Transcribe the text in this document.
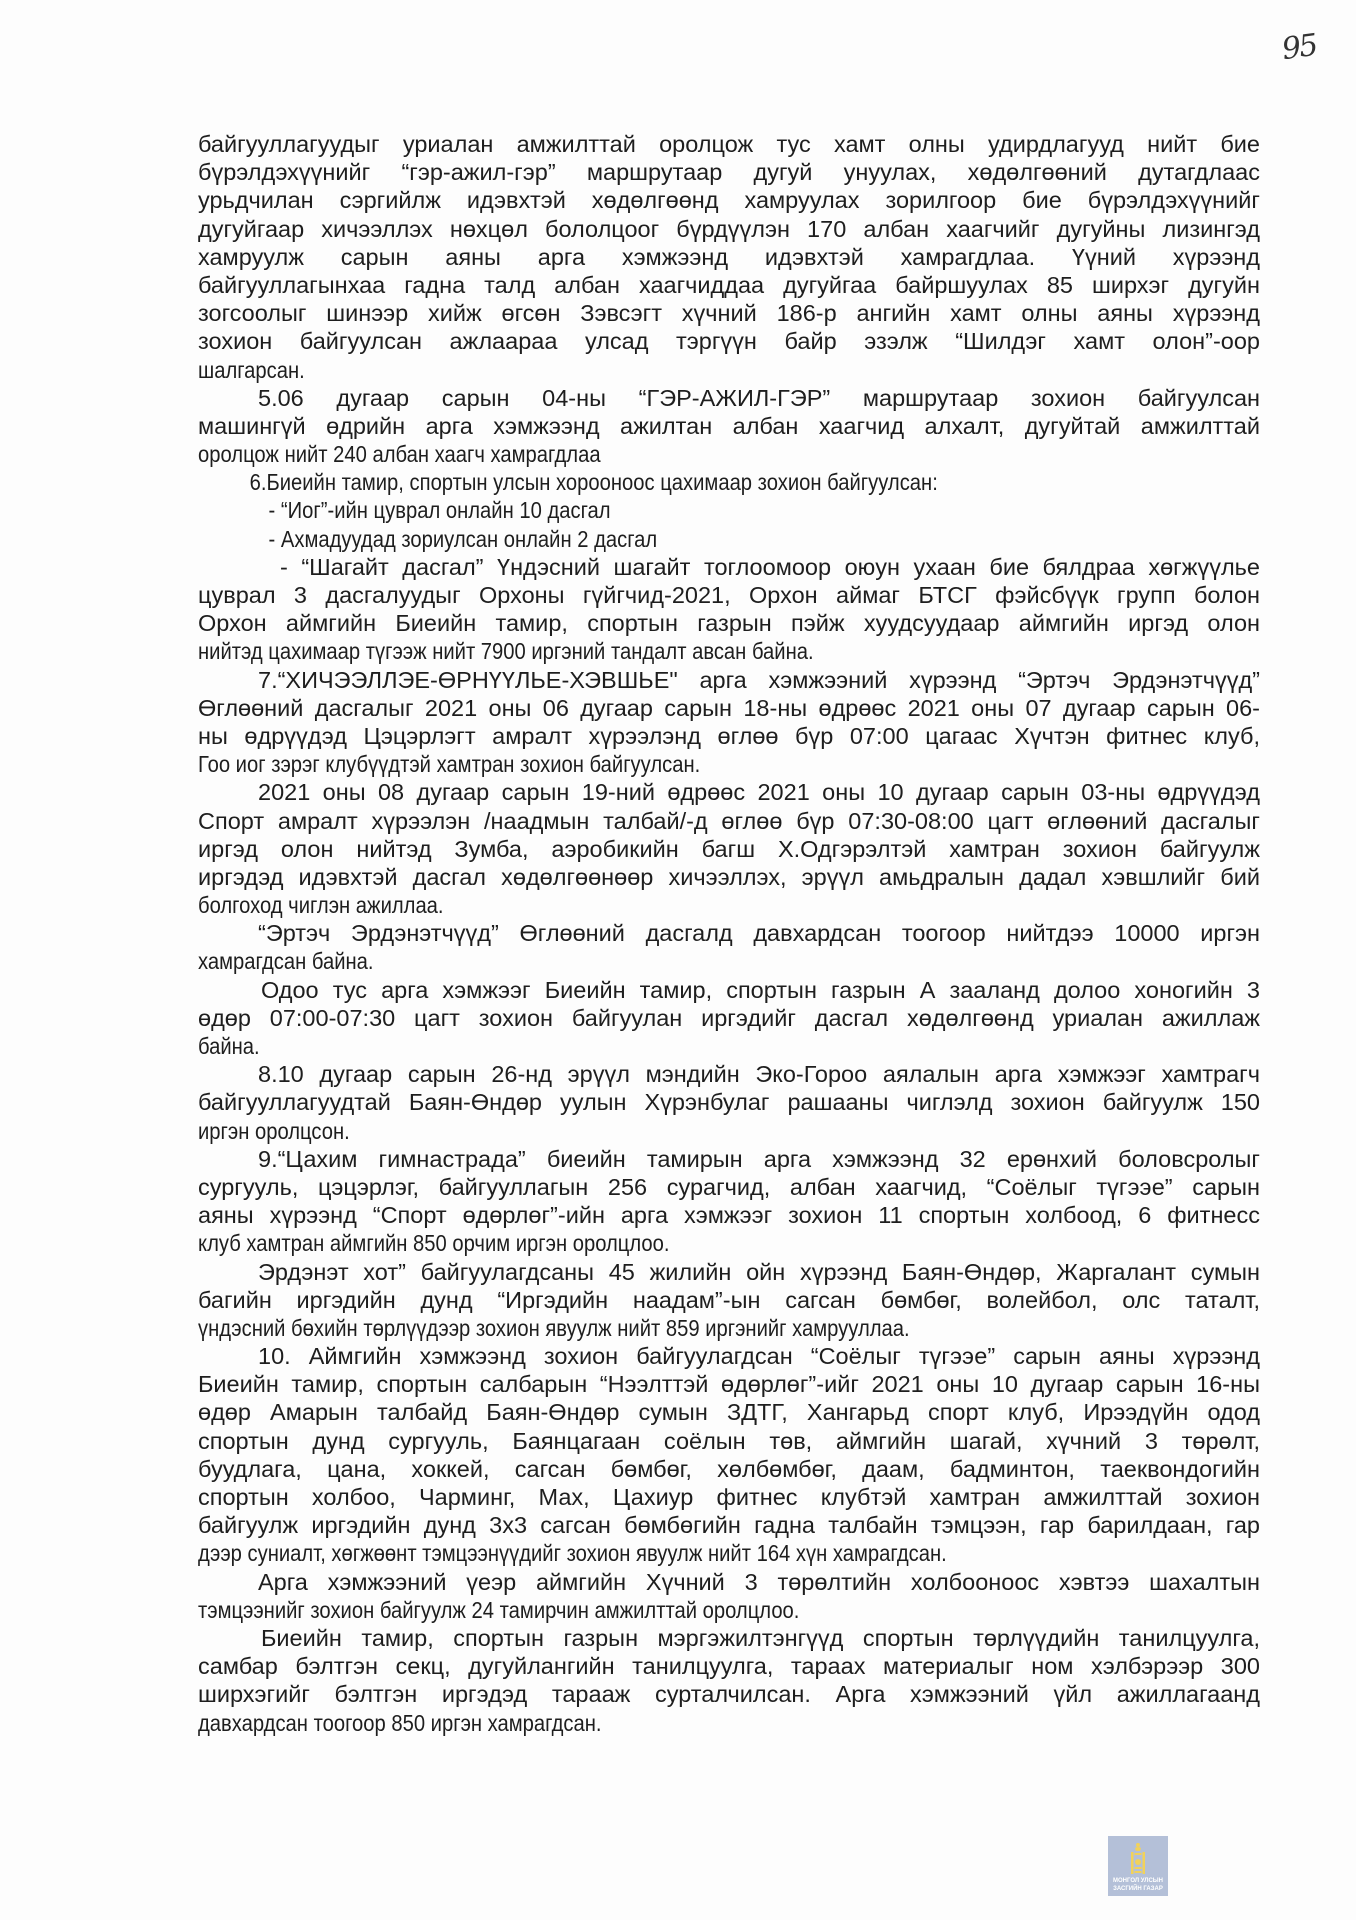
95
байгууллагуудыг уриалан амжилттай оролцож тус хамт олны удирдлагууд нийт бие
бүрэлдэхүүнийг “гэр-ажил-гэр” маршрутаар дугуй унуулах, хөдөлгөөний дутагдлаас
урьдчилан сэргийлж идэвхтэй хөдөлгөөнд хамруулах зорилгоор бие бүрэлдэхүүнийг
дугуйгаар хичээллэх нөхцөл бололцоог бүрдүүлэн 170 албан хаагчийг дугуйны лизингэд
хамруулж сарын аяны арга хэмжээнд идэвхтэй хамрагдлаа. Үүний хүрээнд
байгууллагынхаа гадна талд албан хаагчиддаа дугуйгаа байршуулах 85 ширхэг дугуйн
зогсоолыг шинээр хийж өгсөн Зэвсэгт хүчний 186-р ангийн хамт олны аяны хүрээнд
зохион байгуулсан ажлаараа улсад тэргүүн байр эзэлж “Шилдэг хамт олон”-оор
шалгарсан.
5.06 дугаар сарын 04-ны “ГЭР-АЖИЛ-ГЭР” маршрутаар зохион байгуулсан
машингүй өдрийн арга хэмжээнд ажилтан албан хаагчид алхалт, дугуйтай амжилттай
оролцож нийт 240 албан хаагч хамрагдлаа
6.Биеийн тамир, спортын улсын хорооноос цахимаар зохион байгуулсан:
- “Иог”-ийн цуврал онлайн 10 дасгал
- Ахмадуудад зориулсан онлайн 2 дасгал
- “Шагайт дасгал” Үндэсний шагайт тоглоомоор оюун ухаан бие бялдраа хөгжүүлье
цуврал 3 дасгалуудыг Орхоны гүйгчид-2021, Орхон аймаг БТСГ фэйсбүүк групп болон
Орхон аймгийн Биеийн тамир, спортын газрын пэйж хуудсуудаар аймгийн иргэд олон
нийтэд цахимаар түгээж нийт 7900 иргэний тандалт авсан байна.
7.“ХИЧЭЭЛЛЭЕ-ӨРНҮҮЛЬЕ-ХЭВШЬЕ" арга хэмжээний хүрээнд “Эртэч Эрдэнэтчүүд”
Өглөөний дасгалыг 2021 оны 06 дугаар сарын 18-ны өдрөөс 2021 оны 07 дугаар сарын 06-
ны өдрүүдэд Цэцэрлэгт амралт хүрээлэнд өглөө бүр 07:00 цагаас Хүчтэн фитнес клуб,
Гоо иог зэрэг клубүүдтэй хамтран зохион байгуулсан.
2021 оны 08 дугаар сарын 19-ний өдрөөс 2021 оны 10 дугаар сарын 03-ны өдрүүдэд
Спорт амралт хүрээлэн /наадмын талбай/-д өглөө бүр 07:30-08:00 цагт өглөөний дасгалыг
иргэд олон нийтэд Зумба, аэробикийн багш Х.Одгэрэлтэй хамтран зохион байгуулж
иргэдэд идэвхтэй дасгал хөдөлгөөнөөр хичээллэх, эрүүл амьдралын дадал хэвшлийг бий
болгоход чиглэн ажиллаа.
“Эртэч Эрдэнэтчүүд” Өглөөний дасгалд давхардсан тоогоор нийтдээ 10000 иргэн
хамрагдсан байна.
Одоо тус арга хэмжээг Биеийн тамир, спортын газрын А зааланд долоо хоногийн 3
өдөр 07:00-07:30 цагт зохион байгуулан иргэдийг дасгал хөдөлгөөнд уриалан ажиллаж
байна.
8.10 дугаар сарын 26-нд эрүүл мэндийн Эко-Гороо аялалын арга хэмжээг хамтрагч
байгууллагуудтай Баян-Өндөр уулын Хүрэнбулаг рашааны чиглэлд зохион байгуулж 150
иргэн оролцсон.
9.“Цахим гимнастрада” биеийн тамирын арга хэмжээнд 32 ерөнхий боловсролыг
сургууль, цэцэрлэг, байгууллагын 256 сурагчид, албан хаагчид, “Соёлыг түгээе” сарын
аяны хүрээнд “Спорт өдөрлөг”-ийн арга хэмжээг зохион 11 спортын холбоод, 6 фитнесс
клуб хамтран аймгийн 850 орчим иргэн оролцлоо.
Эрдэнэт хот” байгуулагдсаны 45 жилийн ойн хүрээнд Баян-Өндөр, Жаргалант сумын
багийн иргэдийн дунд “Иргэдийн наадам”-ын сагсан бөмбөг, волейбол, олс таталт,
үндэсний бөхийн төрлүүдээр зохион явуулж нийт 859 иргэнийг хамрууллаа.
10. Аймгийн хэмжээнд зохион байгуулагдсан “Соёлыг түгээе” сарын аяны хүрээнд
Биеийн тамир, спортын салбарын “Нээлттэй өдөрлөг”-ийг 2021 оны 10 дугаар сарын 16-ны
өдөр Амарын талбайд Баян-Өндөр сумын ЗДТГ, Хангарьд спорт клуб, Ирээдүйн одод
спортын дунд сургууль, Баянцагаан соёлын төв, аймгийн шагай, хүчний 3 төрөлт,
буудлага, цана, хоккей, сагсан бөмбөг, хөлбөмбөг, даам, бадминтон, таеквондогийн
спортын холбоо, Чарминг, Мах, Цахиур фитнес клубтэй хамтран амжилттай зохион
байгуулж иргэдийн дунд 3х3 сагсан бөмбөгийн гадна талбайн тэмцээн, гар барилдаан, гар
дээр суниалт, хөгжөөнт тэмцээнүүдийг зохион явуулж нийт 164 хүн хамрагдсан.
Арга хэмжээний үеэр аймгийн Хүчний 3 төрөлтийн холбооноос хэвтээ шахалтын
тэмцээнийг зохион байгуулж 24 тамирчин амжилттай оролцлоо.
Биеийн тамир, спортын газрын мэргэжилтэнгүүд спортын төрлүүдийн танилцуулга,
самбар бэлтгэн секц, дугуйлангийн танилцуулга, тараах материалыг ном хэлбэрээр 300
ширхэгийг бэлтгэн иргэдэд тарааж сурталчилсан. Арга хэмжээний үйл ажиллагаанд
давхардсан тоогоор 850 иргэн хамрагдсан.
МОНГОЛ УЛСЫН
ЗАСГИЙН ГАЗАР
